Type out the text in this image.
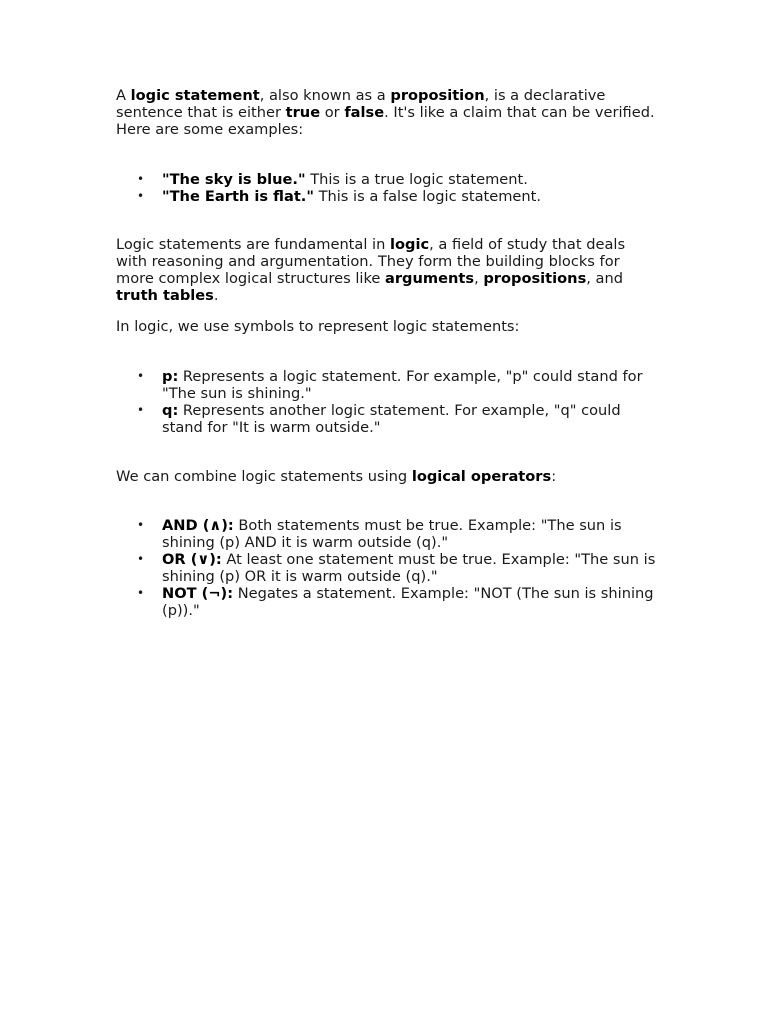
A logic statement, also known as a proposition, is a declarative sentence that is either true or false. It's like a claim that can be verified. Here are some examples:

• "The sky is blue." This is a true logic statement.
• "The Earth is flat." This is a false logic statement.

Logic statements are fundamental in logic, a field of study that deals with reasoning and argumentation. They form the building blocks for more complex logical structures like arguments, propositions, and truth tables.

In logic, we use symbols to represent logic statements:

• p: Represents a logic statement. For example, "p" could stand for "The sun is shining."
• q: Represents another logic statement. For example, "q" could stand for "It is warm outside."

We can combine logic statements using logical operators:

• AND (∧): Both statements must be true. Example: "The sun is shining (p) AND it is warm outside (q)."
• OR (∨): At least one statement must be true. Example: "The sun is shining (p) OR it is warm outside (q)."
• NOT (¬): Negates a statement. Example: "NOT (The sun is shining (p))."
